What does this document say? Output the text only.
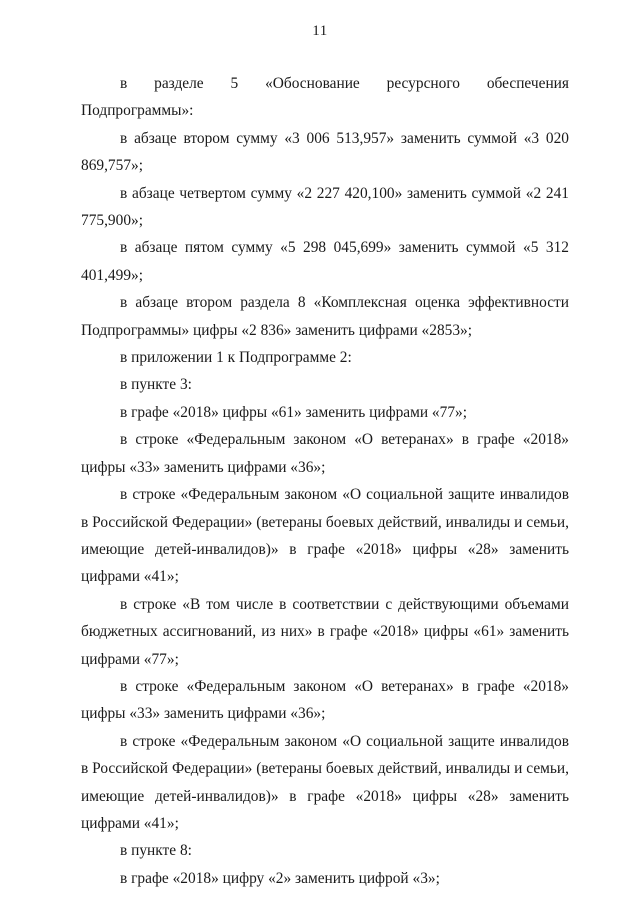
11

в разделе 5 «Обоснование ресурсного обеспечения Подпрограммы»:

в абзаце втором сумму «3 006 513,957» заменить суммой «3 020 869,757»;

в абзаце четвертом сумму «2 227 420,100» заменить суммой «2 241 775,900»;

в абзаце пятом сумму «5 298 045,699» заменить суммой «5 312 401,499»;

в абзаце втором раздела 8 «Комплексная оценка эффективности Подпрограммы» цифры «2 836» заменить цифрами «2853»;

в приложении 1 к Подпрограмме 2:

в пункте 3:

в графе «2018» цифры «61» заменить цифрами «77»;

в строке «Федеральным законом «О ветеранах» в графе «2018» цифры «33» заменить цифрами «36»;

в строке «Федеральным законом «О социальной защите инвалидов в Российской Федерации» (ветераны боевых действий, инвалиды и семьи, имеющие детей-инвалидов)» в графе «2018» цифры «28» заменить цифрами «41»;

в строке «В том числе в соответствии с действующими объемами бюджетных ассигнований, из них» в графе «2018» цифры «61» заменить цифрами «77»;

в строке «Федеральным законом «О ветеранах» в графе «2018» цифры «33» заменить цифрами «36»;

в строке «Федеральным законом «О социальной защите инвалидов в Российской Федерации» (ветераны боевых действий, инвалиды и семьи, имеющие детей-инвалидов)» в графе «2018» цифры «28» заменить цифрами «41»;

в пункте 8:

в графе «2018» цифру «2» заменить цифрой «3»;
